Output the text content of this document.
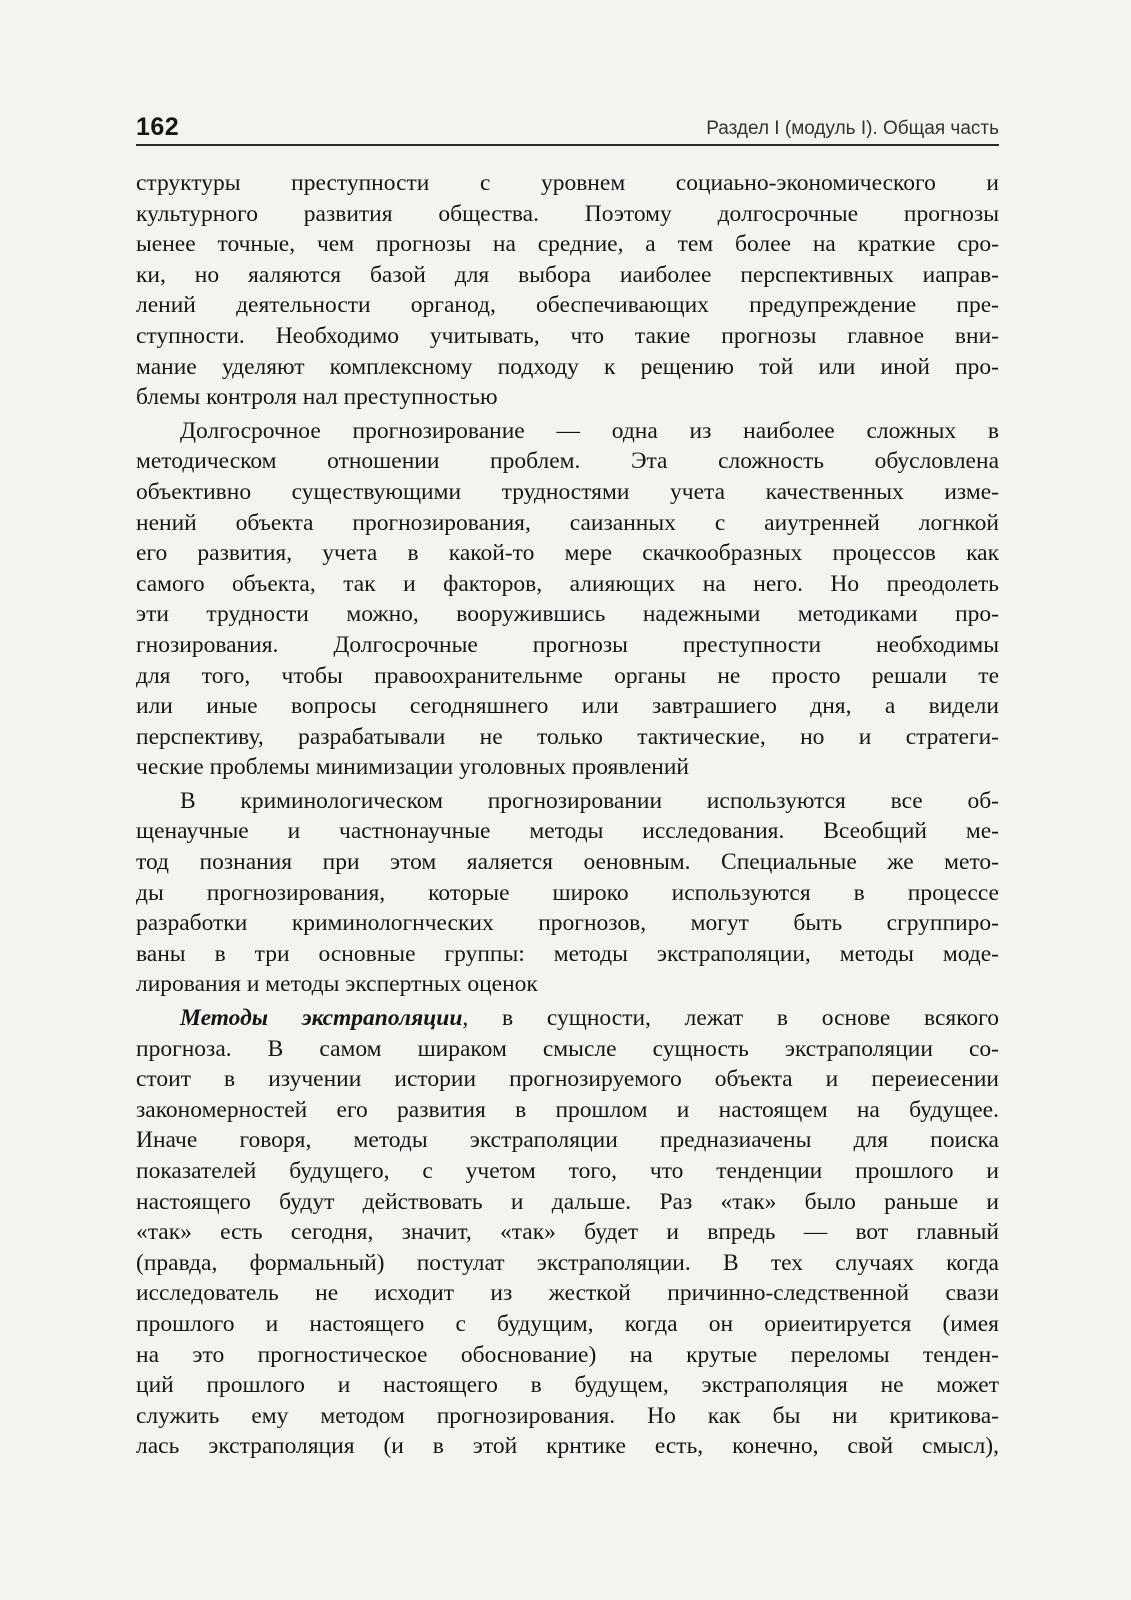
162	Раздел I (модуль I). Общая часть

структуры преступности с уровнем социаьно-экономического и
культурного развития общества. Поэтому долгосрочные прогнозы
ыенее точные, чем прогнозы на средние, а тем более на краткие сро-
ки, но яаляются базой для выбора иаиболее перспективных иаправ-
лений деятельности органод, обеспечивающих предупреждение пре-
ступности. Необходимо учитывать, что такие прогнозы главное вни-
мание уделяют комплексному подходу к рещению той или иной про-
блемы контроля нал преступностью

Долгосрочное прогнозирование — одна из наиболее сложных в
методическом отношении проблем. Эта сложность обусловлена
объективно существующими трудностями учета качественных изме-
нений объекта прогнозирования, саизанных с аиутренней логнкой
его развития, учета в какой-то мере скачкообразных процессов как
самого объекта, так и факторов, алияющих на него. Но преодолеть
эти трудности можно, вооружившись надежными методиками про-
гнозирования. Долгосрочные прогнозы преступности необходимы
для того, чтобы правоохранительнме органы не просто решали те
или иные вопросы сегодняшнего или завтрашиего дня, а видели
перспективу, разрабатывали не только тактические, но и стратеги-
ческие проблемы минимизации уголовных проявлений

В криминологическом прогнозировании используются все об-
щенаучные и частнонаучные методы исследования. Всеобщий ме-
тод познания при этом яаляется оеновным. Специальные же мето-
ды прогнозирования, которые широко используются в процессе
разработки криминологнческих прогнозов, могут быть сгруппиро-
ваны в три основные группы: методы экстраполяции, методы моде-
лирования и методы экспертных оценок

Методы экстраполяции, в сущности, лежат в основе всякого
прогноза. В самом шираком смысле сущность экстраполяции со-
стоит в изучении истории прогнозируемого объекта и переиесении
закономерностей его развития в прошлом и настоящем на будущее.
Иначе говоря, методы экстраполяции предназиачены для поиска
показателей будущего, с учетом того, что тенденции прошлого и
настоящего будут действовать и дальше. Раз «так» было раньше и
«так» есть сегодня, значит, «так» будет и впредь — вот главный
(правда, формальный) постулат экстраполяции. В тех случаях когда
исследователь не исходит из жесткой причинно-следственной свази
прошлого и настоящего с будущим, когда он ориеитируется (имея
на это прогностическое обоснование) на крутые переломы тенден-
ций прошлого и настоящего в будущем, экстраполяция не может
служить ему методом прогнозирования. Но как бы ни критикова-
лась экстраполяция (и в этой крнтике есть, конечно, свой смысл),
